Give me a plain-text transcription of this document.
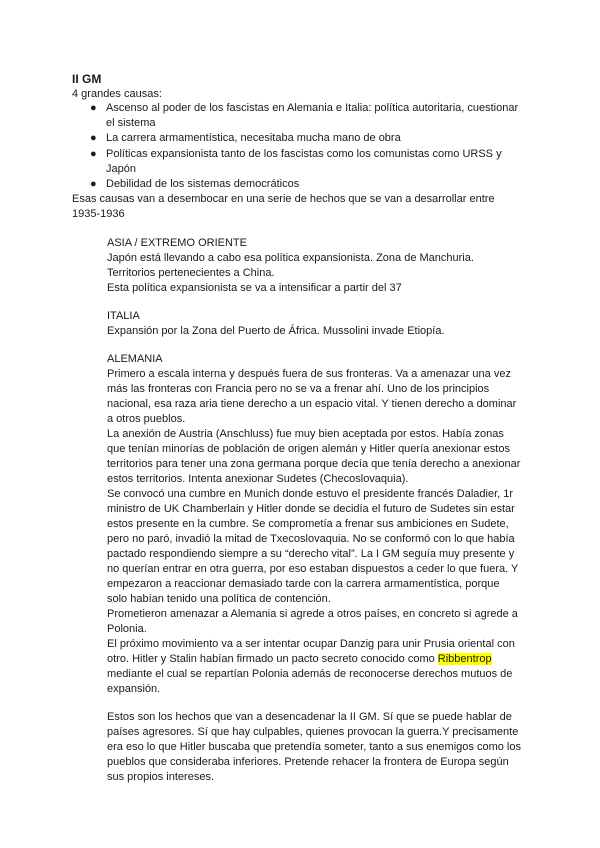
II GM
4 grandes causas:
● Ascenso al poder de los fascistas en Alemania e Italia: política autoritaria, cuestionar
el sistema
● La carrera armamentística, necesitaba mucha mano de obra
● Políticas expansionista tanto de los fascistas como los comunistas como URSS y
Japón
● Debilidad de los sistemas democráticos
Esas causas van a desembocar en una serie de hechos que se van a desarrollar entre
1935-1936
ASIA / EXTREMO ORIENTE
Japón está llevando a cabo esa política expansionista. Zona de Manchuria.
Territorios pertenecientes a China.
Esta política expansionista se va a intensificar a partir del 37
ITALIA
Expansión por la Zona del Puerto de África. Mussolini invade Etiopía.
ALEMANIA
Primero a escala interna y después fuera de sus fronteras. Va a amenazar una vez
más las fronteras con Francia pero no se va a frenar ahí. Uno de los principios
nacional, esa raza aria tiene derecho a un espacio vital. Y tienen derecho a dominar
a otros pueblos.
La anexión de Austria (Anschluss) fue muy bien aceptada por estos. Había zonas
que tenían minorías de población de origen alemán y Hitler quería anexionar estos
territorios para tener una zona germana porque decía que tenía derecho a anexionar
estos territorios. Intenta anexionar Sudetes (Checoslovaquia).
Se convocó una cumbre en Munich donde estuvo el presidente francés Daladier, 1r
ministro de UK Chamberlain y Hitler donde se decidía el futuro de Sudetes sin estar
estos presente en la cumbre. Se comprometía a frenar sus ambiciones en Sudete,
pero no paró, invadió la mitad de Txecoslovaquia. No se conformó con lo que había
pactado respondiendo siempre a su “derecho vital”. La I GM seguía muy presente y
no querían entrar en otra guerra, por eso estaban dispuestos a ceder lo que fuera. Y
empezaron a reaccionar demasiado tarde con la carrera armamentística, porque
solo habían tenido una política de contención.
Prometieron amenazar a Alemania si agrede a otros países, en concreto si agrede a
Polonia.
El próximo movimiento va a ser intentar ocupar Danzig para unir Prusia oriental con
otro. Hitler y Stalin habían firmado un pacto secreto conocido como Ribbentrop
mediante el cual se repartían Polonia además de reconocerse derechos mutuos de
expansión.
Estos son los hechos que van a desencadenar la II GM. Sí que se puede hablar de
países agresores. Sí que hay culpables, quienes provocan la guerra.Y precisamente
era eso lo que Hitler buscaba que pretendía someter, tanto a sus enemigos como los
pueblos que consideraba inferiores. Pretende rehacer la frontera de Europa según
sus propios intereses.
